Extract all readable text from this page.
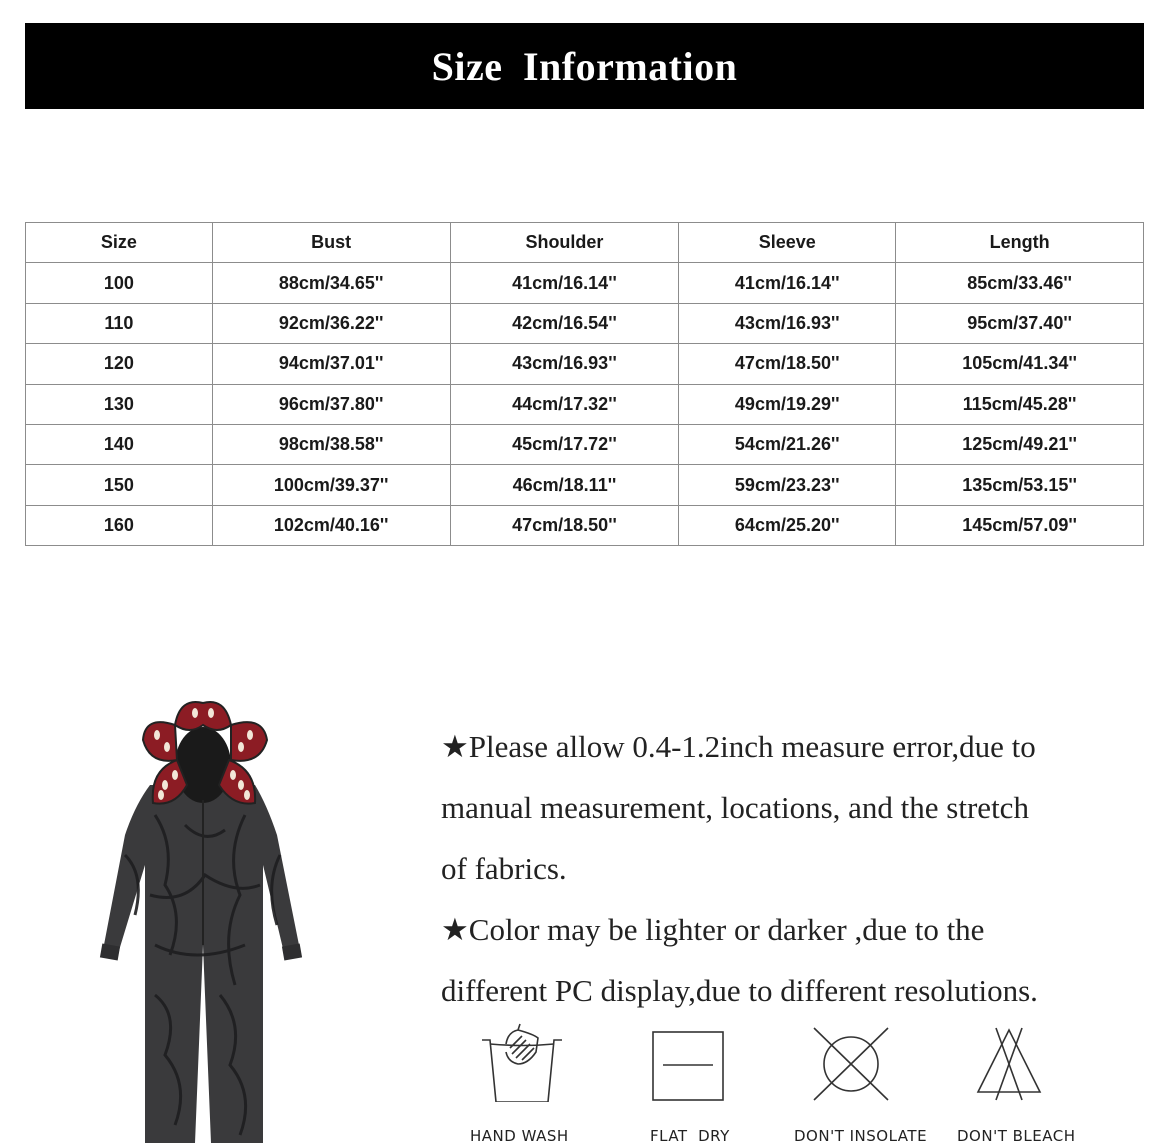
Size Information
Size	Bust	Shoulder	Sleeve	Length
100	88cm/34.65''	41cm/16.14''	41cm/16.14''	85cm/33.46''
110	92cm/36.22''	42cm/16.54''	43cm/16.93''	95cm/37.40''
120	94cm/37.01''	43cm/16.93''	47cm/18.50''	105cm/41.34''
130	96cm/37.80''	44cm/17.32''	49cm/19.29''	115cm/45.28''
140	98cm/38.58''	45cm/17.72''	54cm/21.26''	125cm/49.21''
150	100cm/39.37''	46cm/18.11''	59cm/23.23''	135cm/53.15''
160	102cm/40.16''	47cm/18.50''	64cm/25.20''	145cm/57.09''
★Please allow 0.4-1.2inch measure error,due to
manual measurement, locations, and the stretch
of fabrics.
★Color may be lighter or darker ,due to the
different PC display,due to different resolutions.
HAND WASH	FLAT  DRY	DON'T INSOLATE DON'T BLEACH
